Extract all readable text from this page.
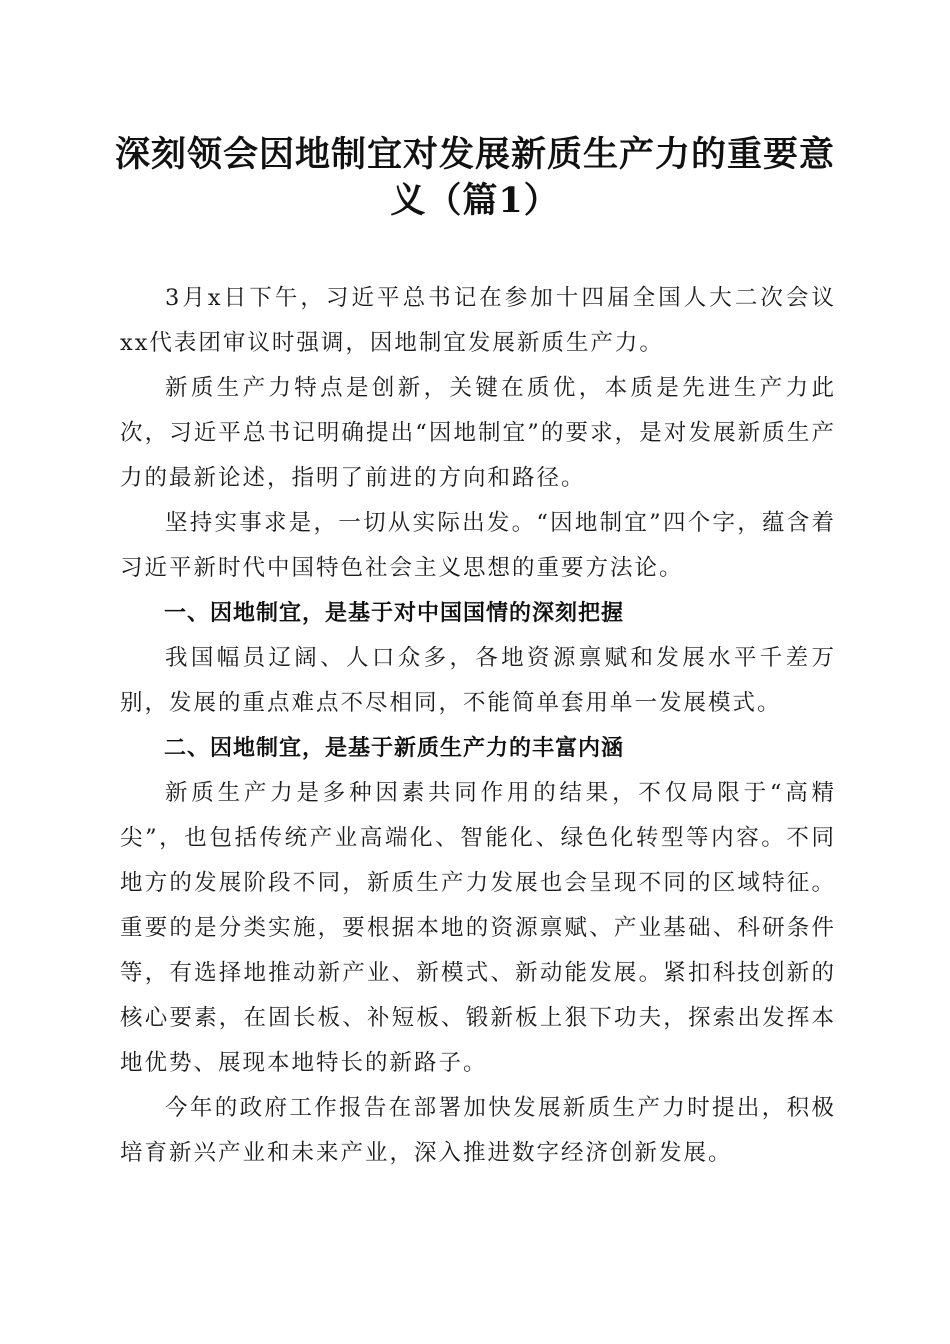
深刻领会因地制宜对发展新质生产力的重要意义（篇1）

3月x日下午，习近平总书记在参加十四届全国人大二次会议xx代表团审议时强调，因地制宜发展新质生产力。

新质生产力特点是创新，关键在质优，本质是先进生产力此次，习近平总书记明确提出“因地制宜”的要求，是对发展新质生产力的最新论述，指明了前进的方向和路径。

坚持实事求是，一切从实际出发。“因地制宜”四个字，蕴含着习近平新时代中国特色社会主义思想的重要方法论。

一、因地制宜，是基于对中国国情的深刻把握

我国幅员辽阔、人口众多，各地资源禀赋和发展水平千差万别，发展的重点难点不尽相同，不能简单套用单一发展模式。

二、因地制宜，是基于新质生产力的丰富内涵

新质生产力是多种因素共同作用的结果，不仅局限于“高精尖”，也包括传统产业高端化、智能化、绿色化转型等内容。不同地方的发展阶段不同，新质生产力发展也会呈现不同的区域特征。重要的是分类实施，要根据本地的资源禀赋、产业基础、科研条件等，有选择地推动新产业、新模式、新动能发展。紧扣科技创新的核心要素，在固长板、补短板、锻新板上狠下功夫，探索出发挥本地优势、展现本地特长的新路子。

今年的政府工作报告在部署加快发展新质生产力时提出，积极培育新兴产业和未来产业，深入推进数字经济创新发展。
